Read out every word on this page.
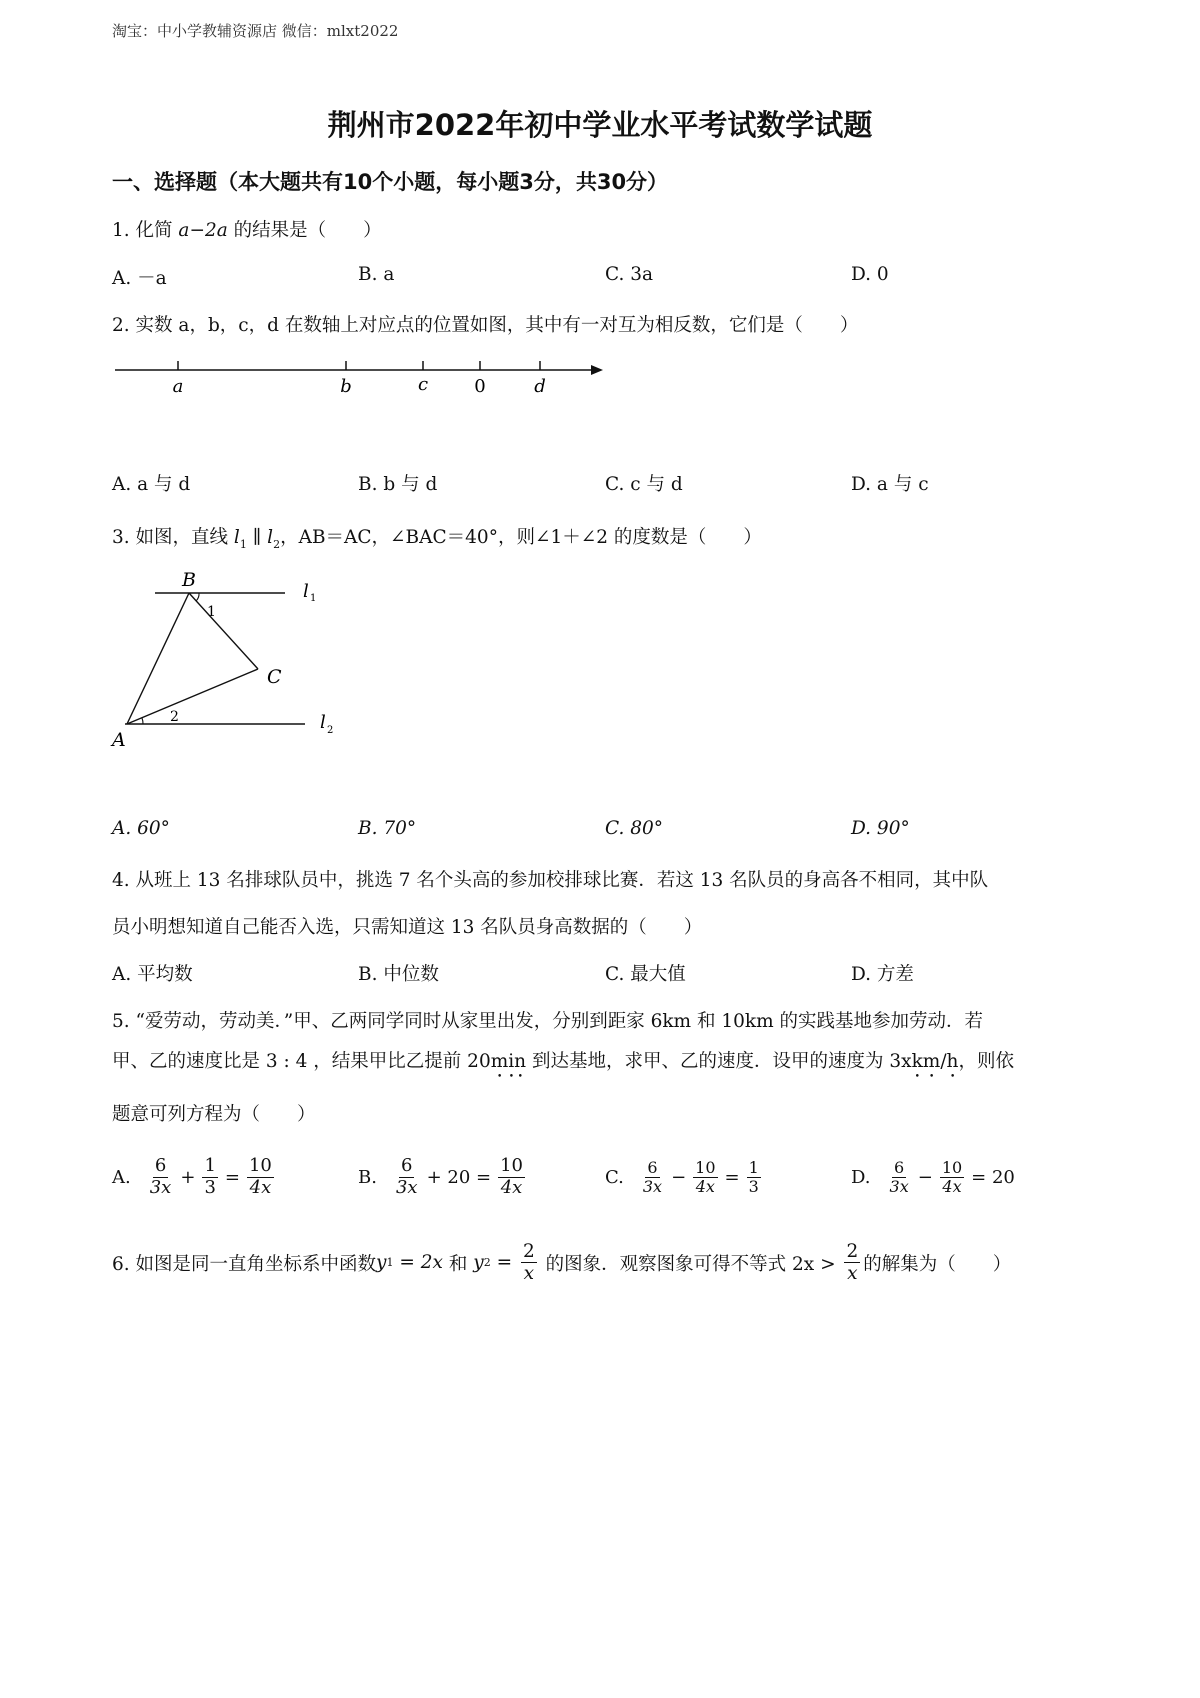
淘宝：中小学教辅资源店 微信：mlxt2022
荆州市2022年初中学业水平考试数学试题
一、选择题（本大题共有10个小题，每小题3分，共30分）
1. 化简 a−2a 的结果是（　　）
A. －a	B. a	C. 3a	D. 0
2. 实数 a，b，c，d 在数轴上对应点的位置如图，其中有一对互为相反数，它们是（　　）
a	b	c	0	d
A. a 与 d	B. b 与 d	C. c 与 d	D. a 与 c
3. 如图，直线 $l_1$ ∥ $l_2$，AB＝AC，∠BAC＝40°，则∠1＋∠2 的度数是（　　）
B
1
C
A
2
l 1
l 2
A. 60°	B. 70°	C. 80°	D. 90°
4. 从班上 13 名排球队员中，挑选 7 名个头高的参加校排球比赛．若这 13 名队员的身高各不相同，其中队
员小明想知道自己能否入选，只需知道这 13 名队员身高数据的（　　）
A. 平均数	B. 中位数	C. 最大值	D. 方差
5. “爱劳动，劳动美．”甲、乙两同学同时从家里出发，分别到距家 6km 和 10km 的实践基地参加劳动．若
甲、乙的速度比是 3 : 4 ，结果甲比乙提前 20min 到达基地，求甲、乙的速度．设甲的速度为 3xkm/h，则依
题意可列方程为（　　）
A. $\frac{6}{3x} + \frac{1}{3} = \frac{10}{4x}$	B. $\frac{6}{3x} + 20 = \frac{10}{4x}$	C. $\frac{6}{3x} - \frac{10}{4x} = \frac{1}{3}$	D. $\frac{6}{3x} - \frac{10}{4x} = 20$
6. 如图是同一直角坐标系中函数 y 1 = 2x 和 y $2 = \frac{2}{x}$ 的图象．观察图象可得不等式 $2x > \frac{2}{x}$ 的解集为（　　）
